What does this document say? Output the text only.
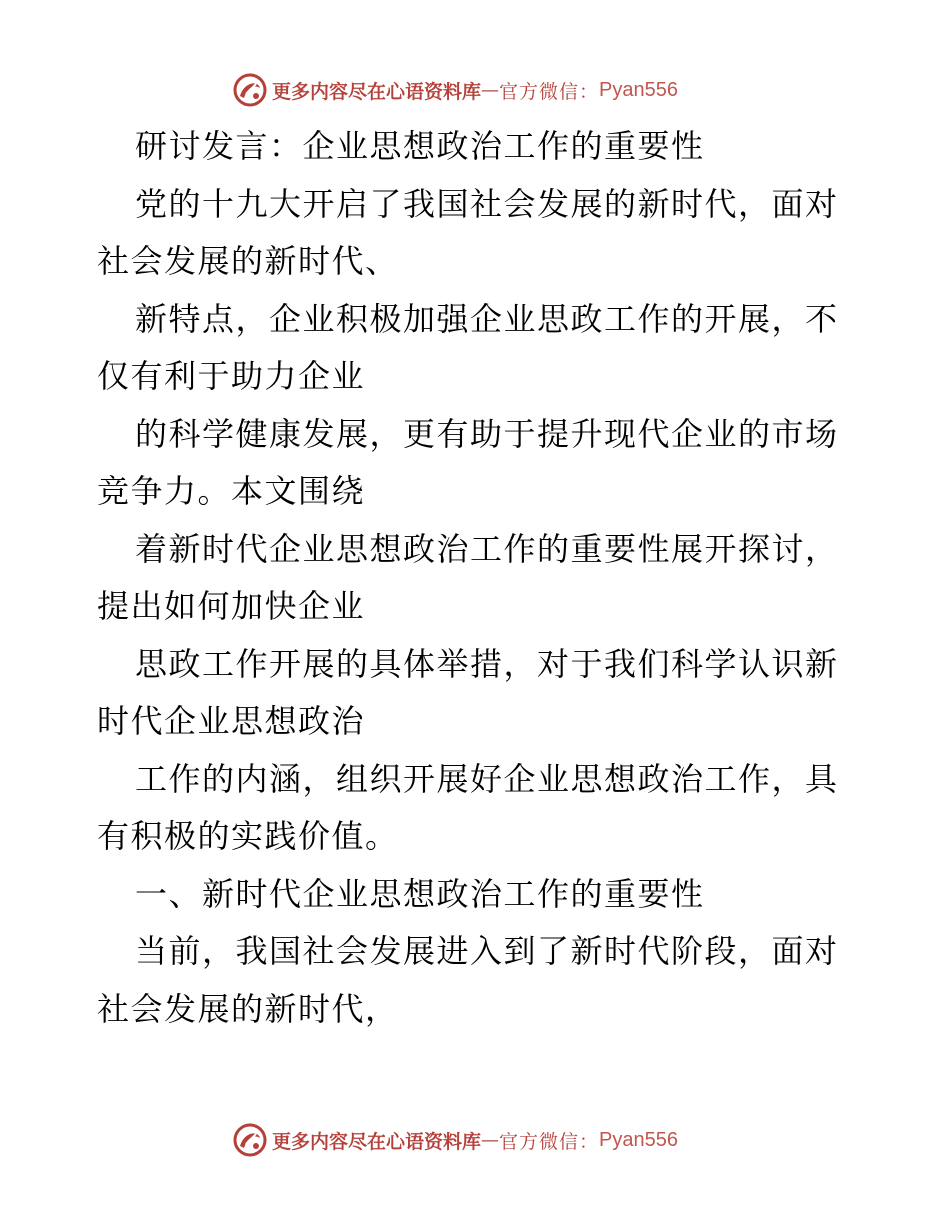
更多内容尽在心语资料库 — 官方微信： Pyan556
研讨发言：企业思想政治工作的重要性
党的十九大开启了我国社会发展的新时代，面对
社会发展的新时代、
新特点，企业积极加强企业思政工作的开展，不
仅有利于助力企业
的科学健康发展，更有助于提升现代企业的市场
竞争力。本文围绕
着新时代企业思想政治工作的重要性展开探讨，
提出如何加快企业
思政工作开展的具体举措，对于我们科学认识新
时代企业思想政治
工作的内涵，组织开展好企业思想政治工作，具
有积极的实践价值。
一、新时代企业思想政治工作的重要性
当前，我国社会发展进入到了新时代阶段，面对
社会发展的新时代，
更多内容尽在心语资料库 — 官方微信： Pyan556
